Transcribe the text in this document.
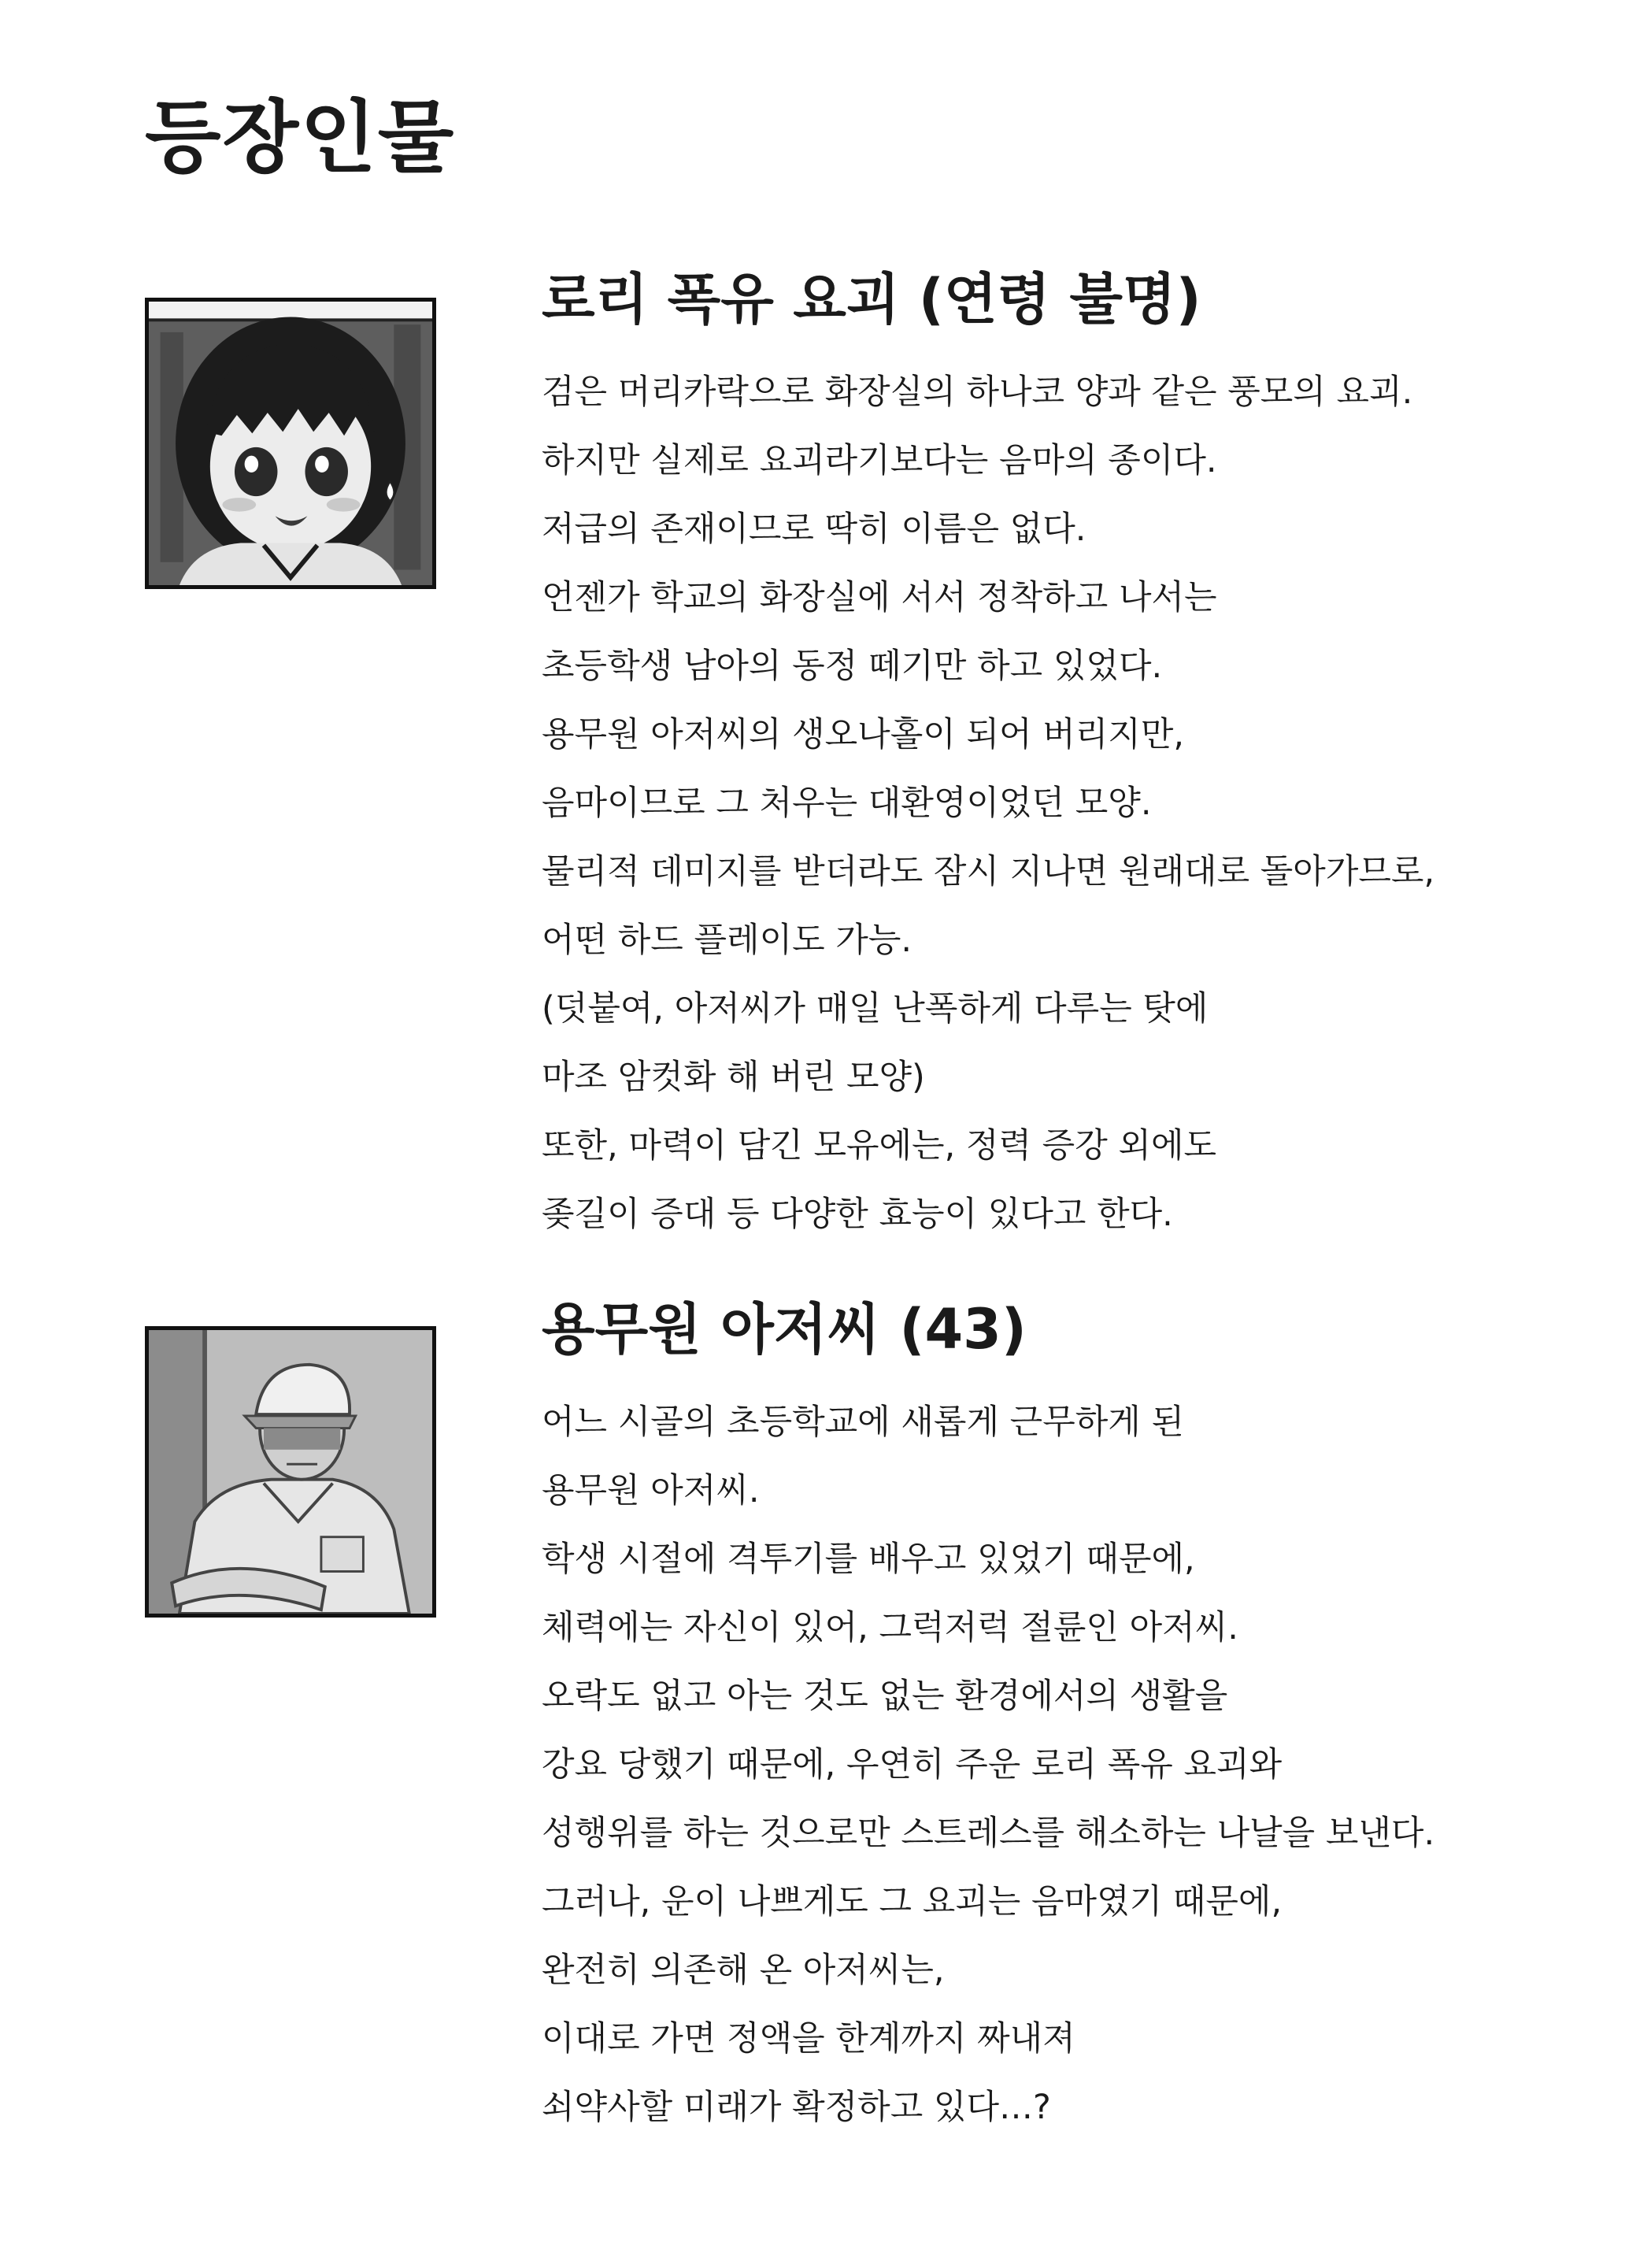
등장인물
로리 폭유 요괴 (연령 불명)
검은 머리카락으로 화장실의 하나코 양과 같은 풍모의 요괴.
하지만 실제로 요괴라기보다는 음마의 종이다.
저급의 존재이므로 딱히 이름은 없다.
언젠가 학교의 화장실에 서서 정착하고 나서는
초등학생 남아의 동정 떼기만 하고 있었다.
용무원 아저씨의 생오나홀이 되어 버리지만,
음마이므로 그 처우는 대환영이었던 모양.
물리적 데미지를 받더라도 잠시 지나면 원래대로 돌아가므로,
어떤 하드 플레이도 가능.
(덧붙여, 아저씨가 매일 난폭하게 다루는 탓에
마조 암컷화 해 버린 모양)
또한, 마력이 담긴 모유에는, 정력 증강 외에도
좆길이 증대 등 다양한 효능이 있다고 한다.
용무원 아저씨 (43)
어느 시골의 초등학교에 새롭게 근무하게 된
용무원 아저씨.
학생 시절에 격투기를 배우고 있었기 때문에,
체력에는 자신이 있어, 그럭저럭 절륜인 아저씨.
오락도 없고 아는 것도 없는 환경에서의 생활을
강요 당했기 때문에, 우연히 주운 로리 폭유 요괴와
성행위를 하는 것으로만 스트레스를 해소하는 나날을 보낸다.
그러나, 운이 나쁘게도 그 요괴는 음마였기 때문에,
완전히 의존해 온 아저씨는,
이대로 가면 정액을 한계까지 짜내져
쇠약사할 미래가 확정하고 있다…?
